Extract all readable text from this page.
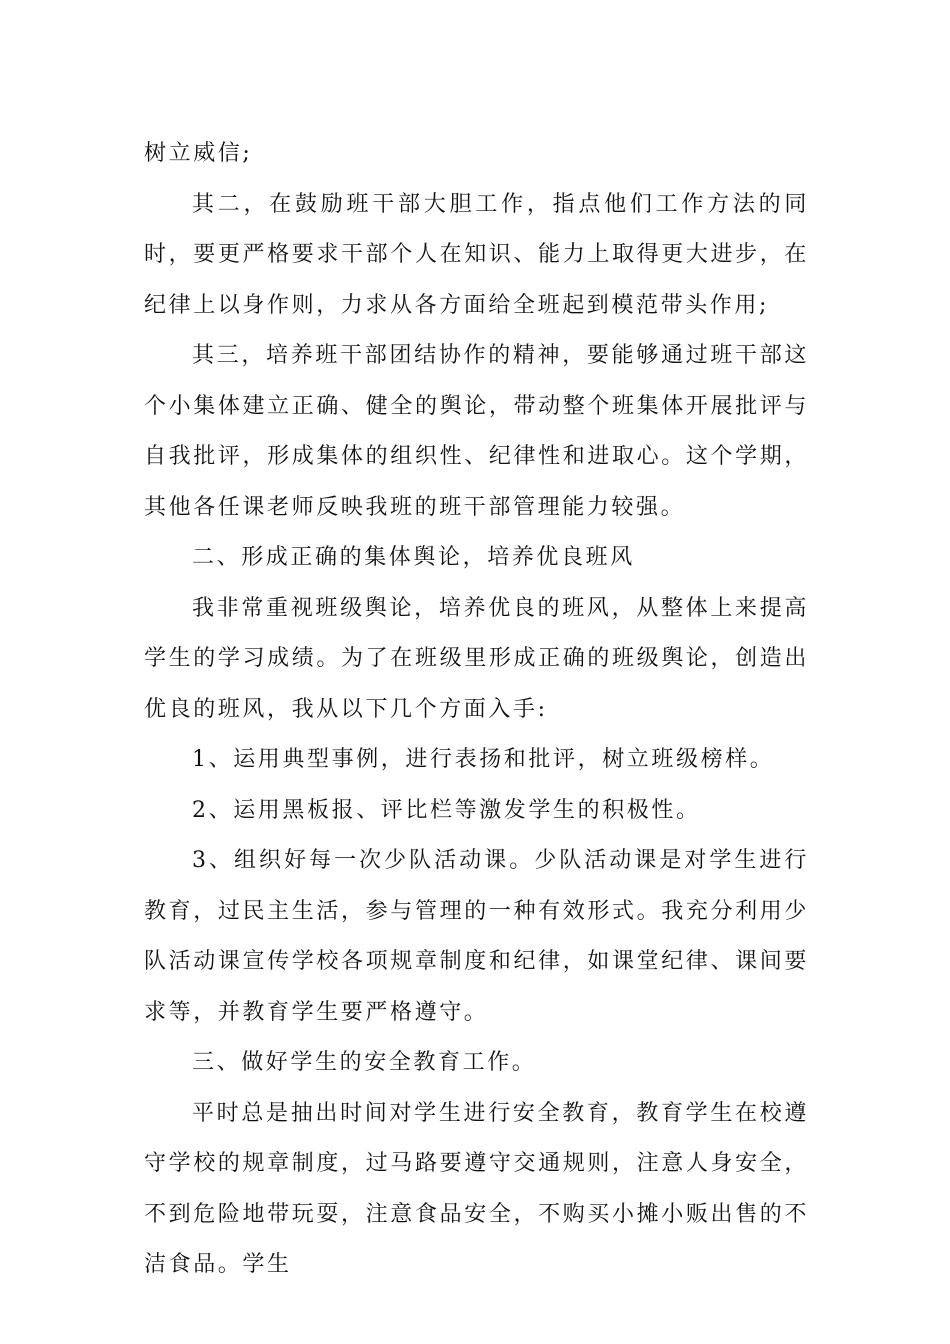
树立威信;

其二，在鼓励班干部大胆工作，指点他们工作方法的同时，要更严格要求干部个人在知识、能力上取得更大进步，在纪律上以身作则，力求从各方面给全班起到模范带头作用;

其三，培养班干部团结协作的精神，要能够通过班干部这个小集体建立正确、健全的舆论，带动整个班集体开展批评与自我批评，形成集体的组织性、纪律性和进取心。这个学期，其他各任课老师反映我班的班干部管理能力较强。

二、形成正确的集体舆论，培养优良班风

我非常重视班级舆论，培养优良的班风，从整体上来提高学生的学习成绩。为了在班级里形成正确的班级舆论，创造出优良的班风，我从以下几个方面入手:

1、运用典型事例，进行表扬和批评，树立班级榜样。

2、运用黑板报、评比栏等激发学生的积极性。

3、组织好每一次少队活动课。少队活动课是对学生进行教育，过民主生活，参与管理的一种有效形式。我充分利用少队活动课宣传学校各项规章制度和纪律，如课堂纪律、课间要求等，并教育学生要严格遵守。

三、做好学生的安全教育工作。

平时总是抽出时间对学生进行安全教育，教育学生在校遵守学校的规章制度，过马路要遵守交通规则，注意人身安全，不到危险地带玩耍，注意食品安全，不购买小摊小贩出售的不洁食品。学生
